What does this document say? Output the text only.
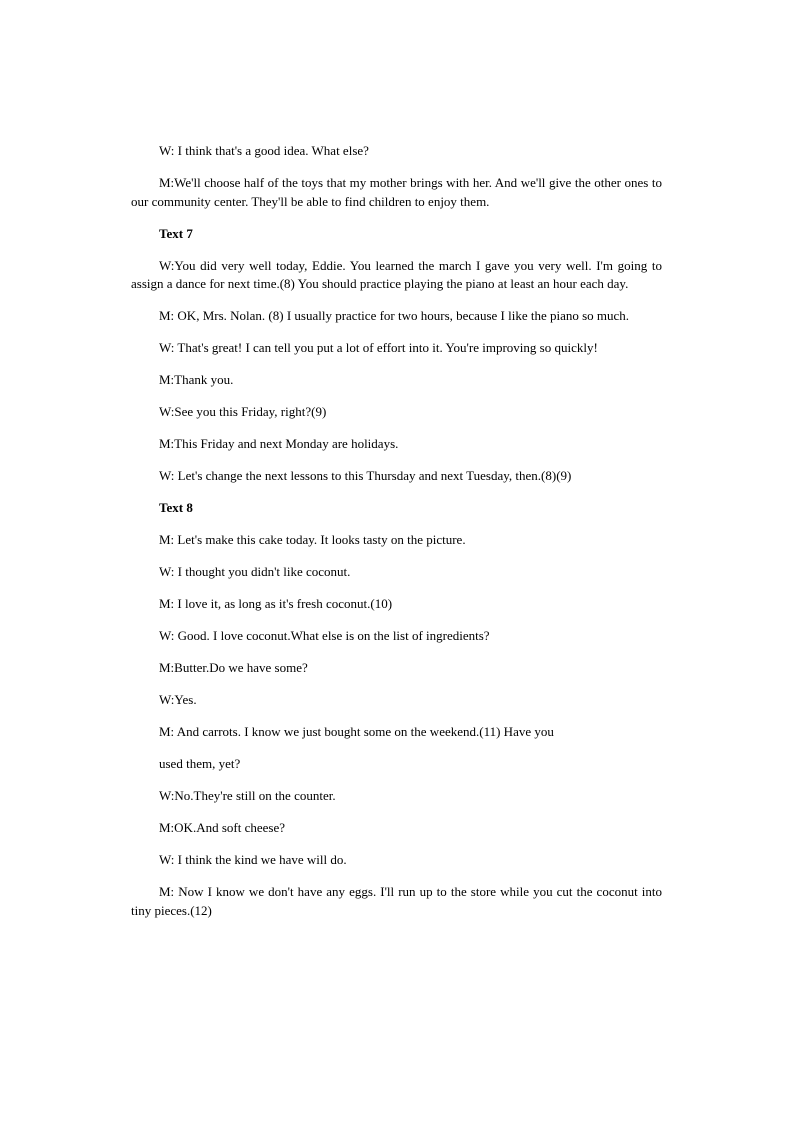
W: I think that's a good idea. What else?

M:We'll choose half of the toys that my mother brings with her. And we'll give the other ones to our community center. They'll be able to find children to enjoy them.

Text 7

W:You did very well today, Eddie. You learned the march I gave you very well. I'm going to assign a dance for next time.(8) You should practice playing the piano at least an hour each day.

M: OK, Mrs. Nolan. (8) I usually practice for two hours, because I like the piano so much.

W: That's great! I can tell you put a lot of effort into it. You're improving so quickly!

M:Thank you.

W:See you this Friday, right?(9)

M:This Friday and next Monday are holidays.

W: Let's change the next lessons to this Thursday and next Tuesday, then.(8)(9)

Text 8

M: Let's make this cake today. It looks tasty on the picture.

W: I thought you didn't like coconut.

M: I love it, as long as it's fresh coconut.(10)

W: Good. I love coconut.What else is on the list of ingredients?

M:Butter.Do we have some?

W:Yes.

M: And carrots. I know we just bought some on the weekend.(11) Have you

used them, yet?

W:No.They're still on the counter.

M:OK.And soft cheese?

W: I think the kind we have will do.

M: Now I know we don't have any eggs. I'll run up to the store while you cut the coconut into tiny pieces.(12)
